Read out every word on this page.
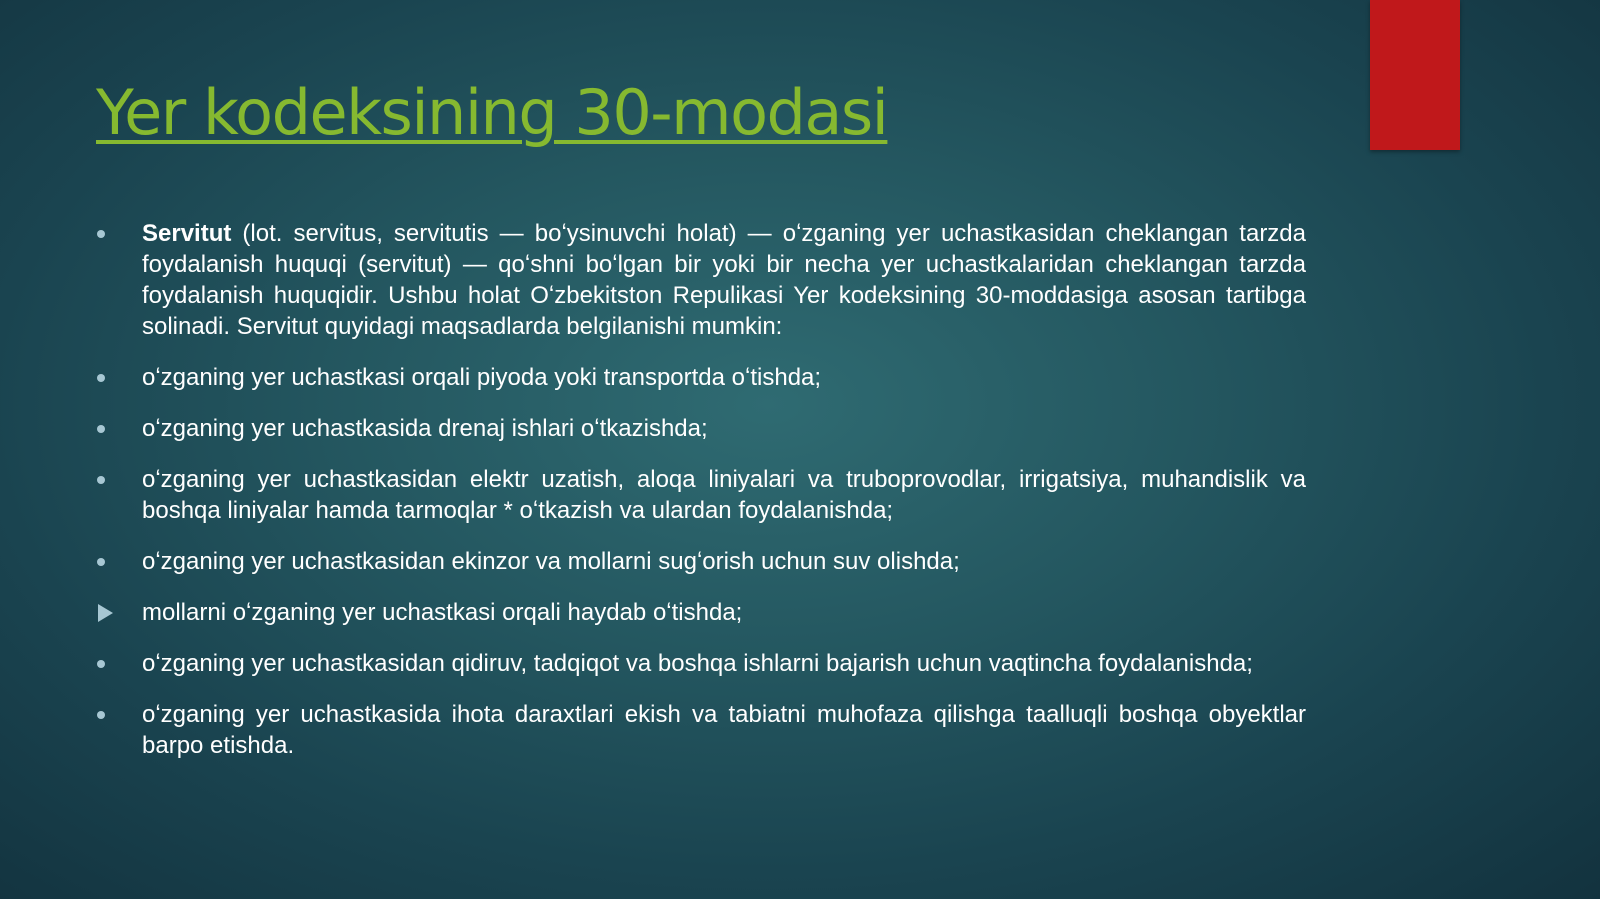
Yer kodeksining 30-modasi
Servitut (lot. servitus, servitutis — boʻysinuvchi holat) — oʻzganing yer uchastkasidan cheklangan tarzda foydalanish huquqi (servitut) — qoʻshni boʻlgan bir yoki bir necha yer uchastkalaridan cheklangan tarzda foydalanish huquqidir. Ushbu holat Oʻzbekitston Repulikasi Yer kodeksining 30-moddasiga asosan tartibga solinadi. Servitut quyidagi maqsadlarda belgilanishi mumkin:
oʻzganing yer uchastkasi orqali piyoda yoki transportda oʻtishda;
oʻzganing yer uchastkasida drenaj ishlari oʻtkazishda;
oʻzganing yer uchastkasidan elektr uzatish, aloqa liniyalari va truboprovodlar, irrigatsiya, muhandislik va boshqa liniyalar hamda tarmoqlar * oʻtkazish va ulardan foydalanishda;
oʻzganing yer uchastkasidan ekinzor va mollarni sugʻorish uchun suv olishda;
mollarni oʻzganing yer uchastkasi orqali haydab oʻtishda;
oʻzganing yer uchastkasidan qidiruv, tadqiqot va boshqa ishlarni bajarish uchun vaqtincha foydalanishda;
oʻzganing yer uchastkasida ihota daraxtlari ekish va tabiatni muhofaza qilishga taalluqli boshqa obyektlar barpo etishda.
